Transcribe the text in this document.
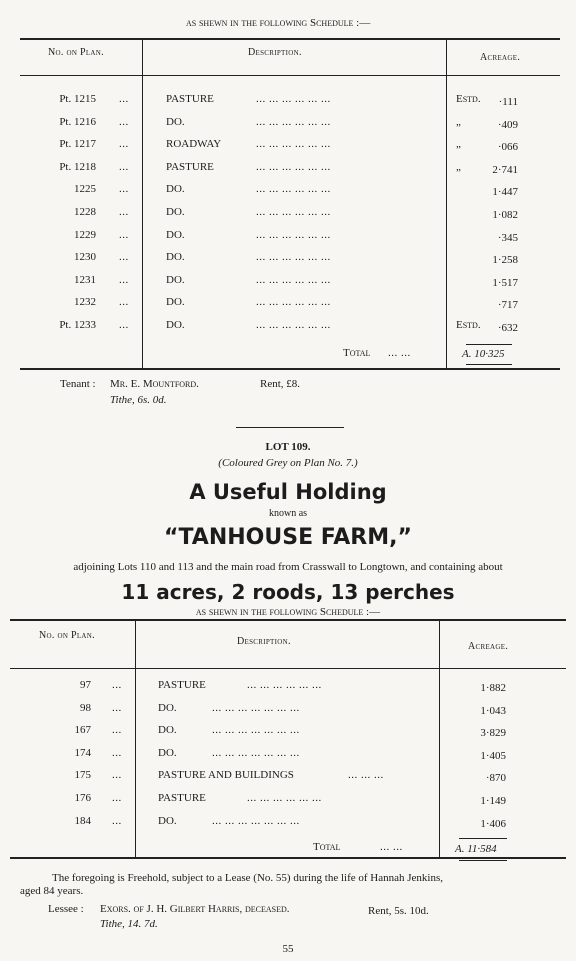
as shewn in the following Schedule :—
No. on Plan.	Description.	Acreage.
Pt. 1215 ...	PASTURE	... ... ... ... ... ...	Estd. ·111
Pt. 1216 ...	DO.	... ... ... ... ... ...	„	·409
Pt. 1217 ...	ROADWAY	... ... ... ... ... ...	„	·066
Pt. 1218 ...	PASTURE	... ... ... ... ... ...	„	2·741
1225 ...	DO.	... ... ... ... ... ...	1·447
1228 ...	DO.	... ... ... ... ... ...	1·082
1229 ...	DO.	... ... ... ... ... ...	·345
1230 ...	DO.	... ... ... ... ... ...	1·258
1231 ...	DO.	... ... ... ... ... ...	1·517
1232 ...	DO.	... ... ... ... ... ...	·717
Pt. 1233 ...	DO.	... ... ... ... ... ...	Estd. ·632
Total ... ...	A. 10·325
Tenant : Mr. E. Mountford.	Rent, £8.
Tithe, 6s. 0d.
LOT 109.
(Coloured Grey on Plan No. 7.)
A Useful Holding
known as
“TANHOUSE FARM,”
adjoining Lots 110 and 113 and the main road from Crasswall to Longtown, and containing about
11 acres, 2 roods, 13 perches
as shewn in the following Schedule :—
No. on Plan.
Description.	Acreage.
97 ...	PASTURE	... ... ... ... ... ...	1·882
98 ...	DO.	... ... ... ... ... ... ...	1·043
167 ...	DO.	... ... ... ... ... ... ...	3·829
174 ...	DO.	... ... ... ... ... ... ...	1·405
175 ...	PASTURE AND BUILDINGS	... ... ...	·870
176 ...	PASTURE	... ... ... ... ... ...	1·149
184 ...	DO.	... ... ... ... ... ... ...	1·406
Total	... ...	A. 11·584
The foregoing is Freehold, subject to a Lease (No. 55) during the life of Hannah Jenkins,
aged 84 years.
Lessee : Exors. of J. H. Gilbert Harris, deceased.	Rent, 5s. 10d.
Tithe, 14. 7d.
55
